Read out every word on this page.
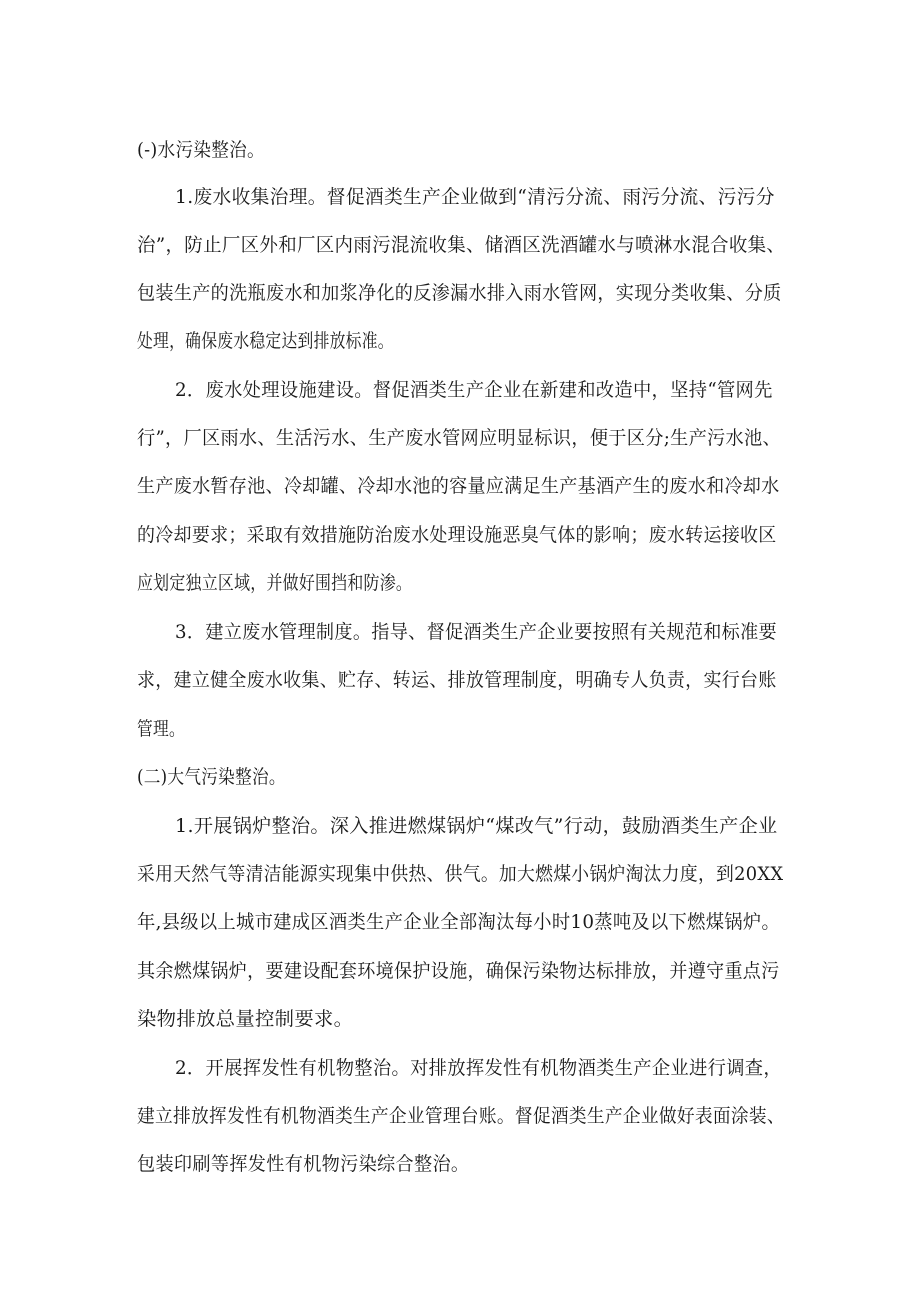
(-)水污染整治。
1.废水收集治理。督促酒类生产企业做到“清污分流、雨污分流、污污分
治”，防止厂区外和厂区内雨污混流收集、储酒区洗酒罐水与喷淋水混合收集、
包装生产的洗瓶废水和加浆净化的反渗漏水排入雨水管网，实现分类收集、分质
处理，确保废水稳定达到排放标准。
2．废水处理设施建设。督促酒类生产企业在新建和改造中，坚持“管网先
行”，厂区雨水、生活污水、生产废水管网应明显标识，便于区分;生产污水池、
生产废水暂存池、冷却罐、冷却水池的容量应满足生产基酒产生的废水和冷却水
的冷却要求；采取有效措施防治废水处理设施恶臭气体的影响；废水转运接收区
应划定独立区域，并做好围挡和防渗。
3．建立废水管理制度。指导、督促酒类生产企业要按照有关规范和标准要
求，建立健全废水收集、贮存、转运、排放管理制度，明确专人负责，实行台账
管理。
(二)大气污染整治。
1.开展锅炉整治。深入推进燃煤锅炉“煤改气”行动，鼓励酒类生产企业
采用天然气等清洁能源实现集中供热、供气。加大燃煤小锅炉淘汰力度，到20XX
年,县级以上城市建成区酒类生产企业全部淘汰每小时10蒸吨及以下燃煤锅炉。
其余燃煤锅炉，要建设配套环境保护设施，确保污染物达标排放，并遵守重点污
染物排放总量控制要求。
2．开展挥发性有机物整治。对排放挥发性有机物酒类生产企业进行调查，
建立排放挥发性有机物酒类生产企业管理台账。督促酒类生产企业做好表面涂装、
包装印刷等挥发性有机物污染综合整治。
